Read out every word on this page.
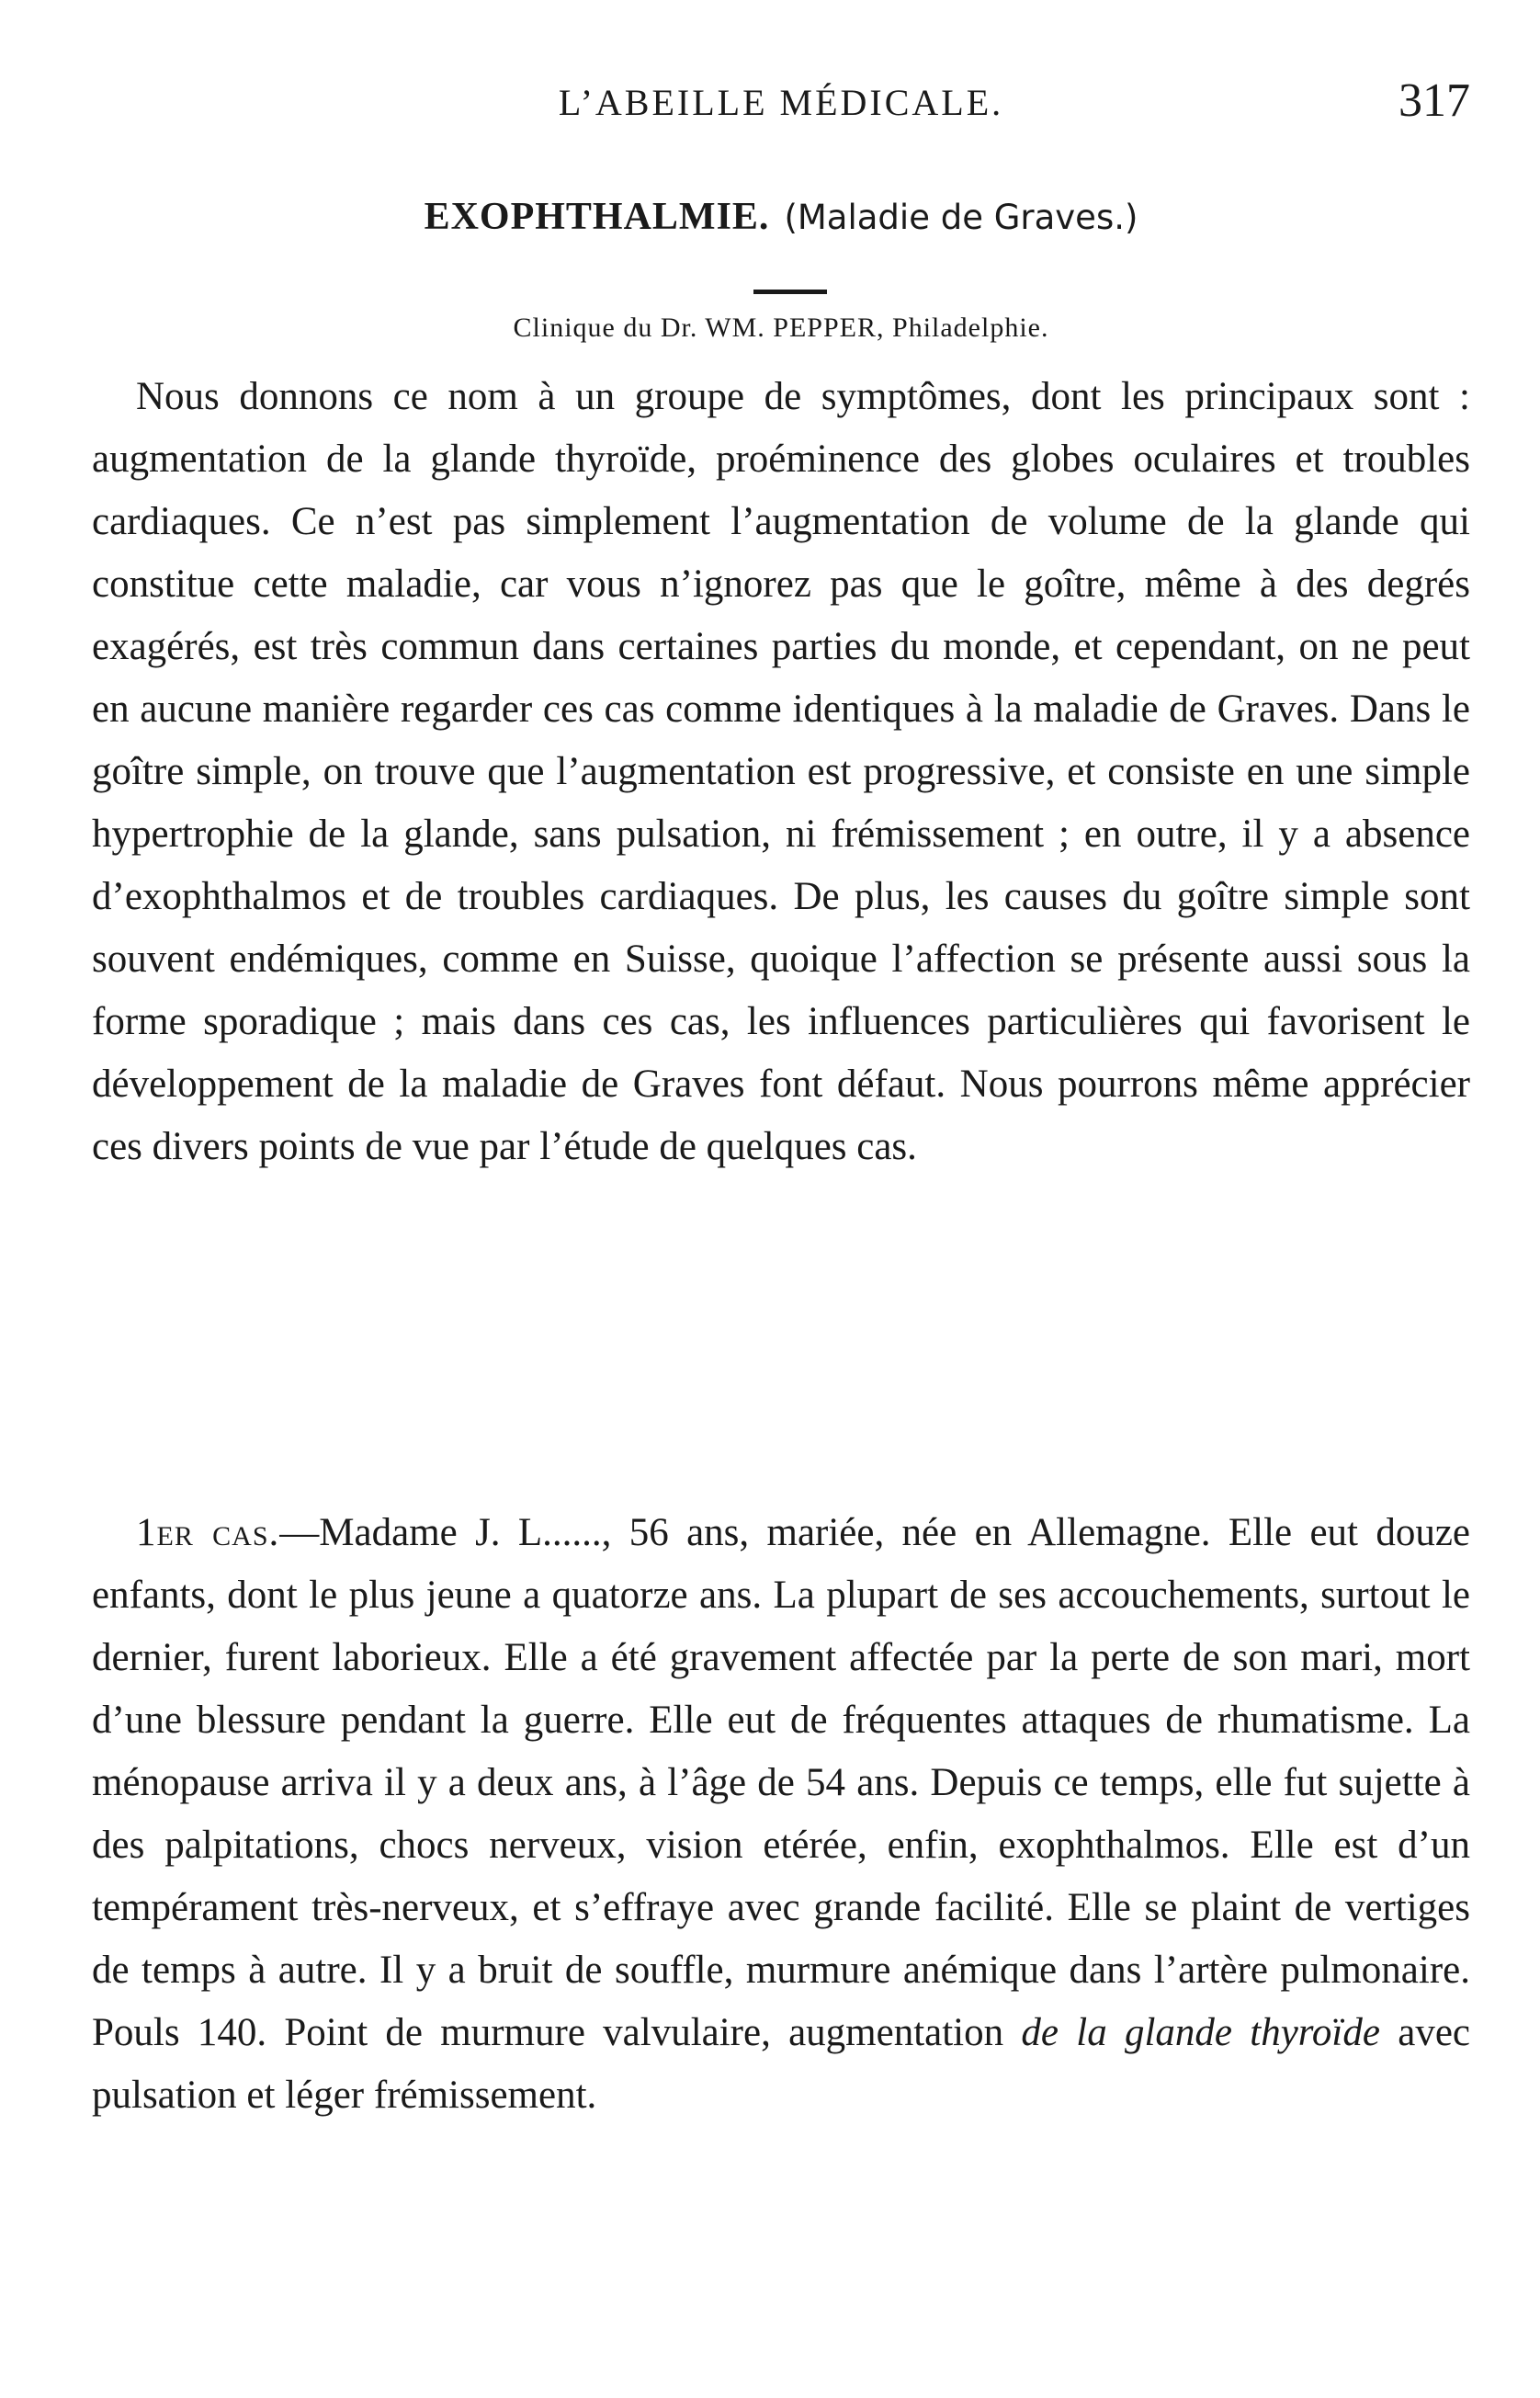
L’ABEILLE MÉDICALE.	317
EXOPHTHALMIE. (Maladie de Graves.)
Clinique du Dr. WM. PEPPER, Philadelphie.

Nous donnons ce nom à un groupe de symptômes, dont les principaux sont : augmentation de la glande thyroïde, proéminence des globes oculaires et troubles cardiaques. Ce n’est pas simplement l’augmentation de volume de la glande qui constitue cette maladie, car vous n’ignorez pas que le goître, même à des degrés exagérés, est très commun dans certaines parties du monde, et cependant, on ne peut en aucune manière regarder ces cas comme identiques à la maladie de Graves. Dans le goître simple, on trouve que l’augmentation est progressive, et consiste en une simple hypertrophie de la glande, sans pulsation, ni frémissement ; en outre, il y a absence d’exophthalmos et de troubles cardiaques. De plus, les causes du goître simple sont souvent endémiques, comme en Suisse, quoique l’affection se présente aussi sous la forme sporadique ; mais dans ces cas, les influences particulières qui favorisent le développement de la maladie de Graves font défaut. Nous pourrons même apprécier ces divers points de vue par l’étude de quelques cas.

1er cas.—Madame J. L......, 56 ans, mariée, née en Allemagne. Elle eut douze enfants, dont le plus jeune a quatorze ans. La plupart de ses accouchements, surtout le dernier, furent laborieux. Elle a été gravement affectée par la perte de son mari, mort d’une blessure pendant la guerre. Elle eut de fréquentes attaques de rhumatisme. La ménopause arriva il y a deux ans, à l’âge de 54 ans. Depuis ce temps, elle fut sujette à des palpitations, chocs nerveux, vision etérée, enfin, exophthalmos. Elle est d’un tempérament très-nerveux, et s’effraye avec grande facilité. Elle se plaint de vertiges de temps à autre. Il y a bruit de souffle, murmure anémique dans l’artère pulmonaire. Pouls 140. Point de murmure valvulaire, augmentation de la glande thyroïde avec pulsation et léger frémissement.
